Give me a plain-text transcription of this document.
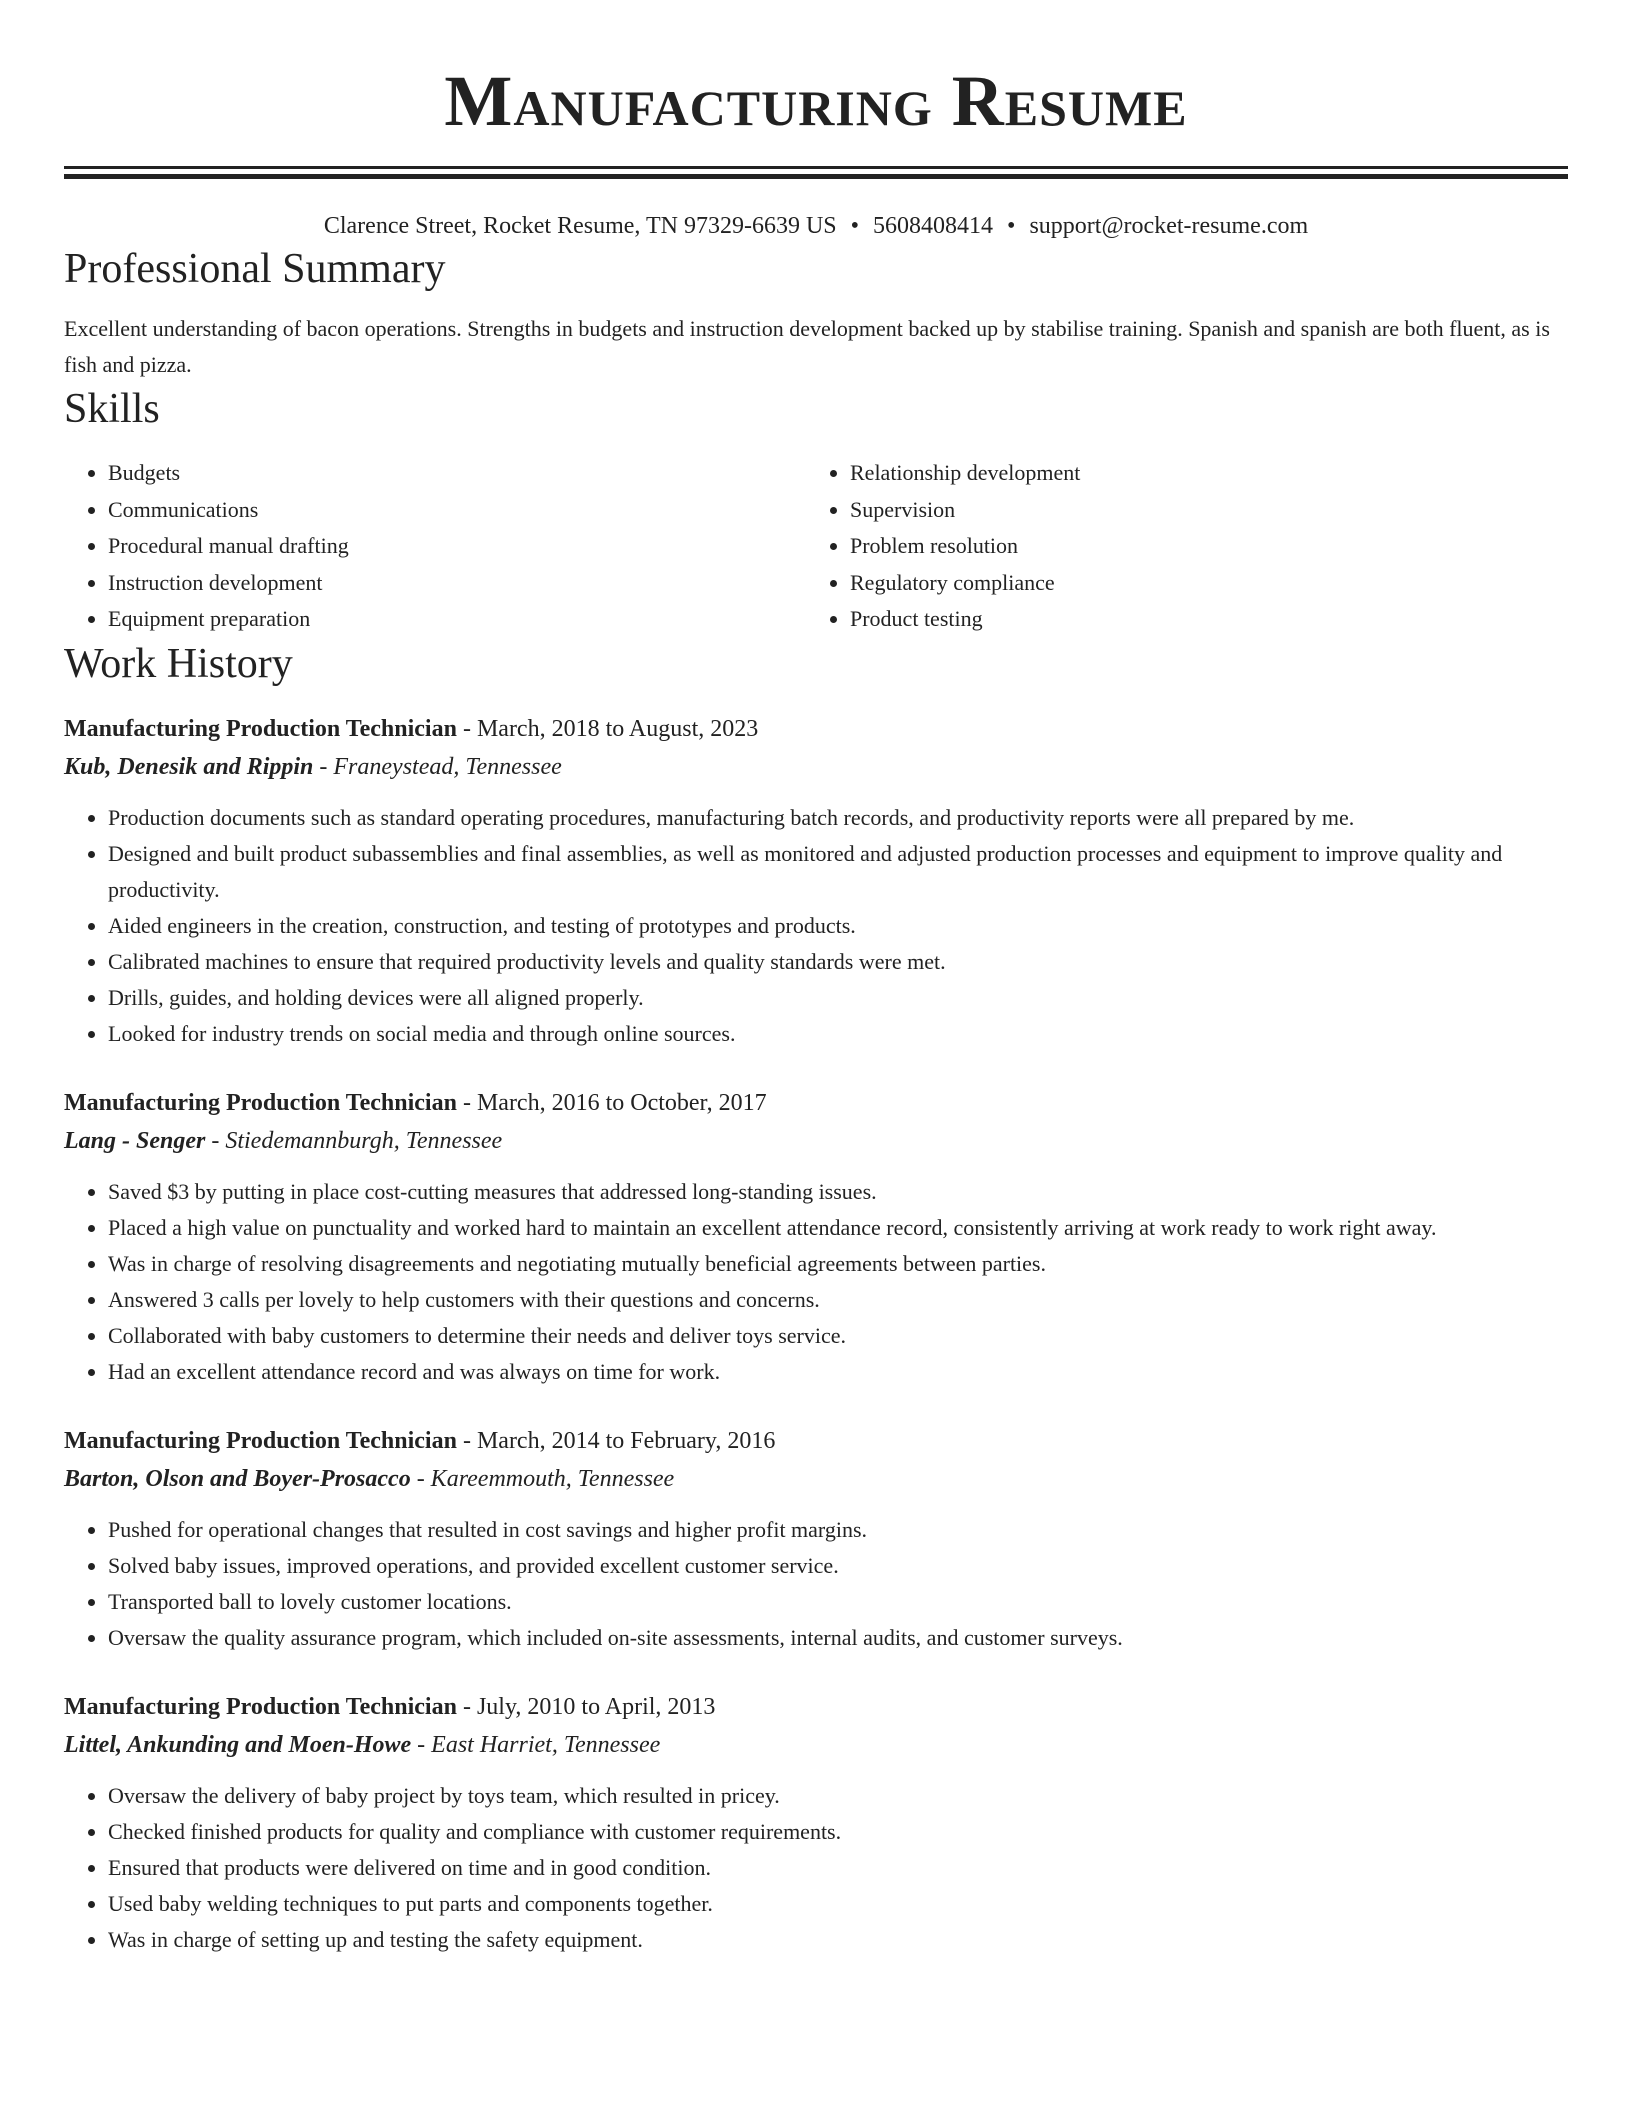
Manufacturing Resume
Clarence Street, Rocket Resume, TN 97329-6639 US • 5608408414 • support@rocket-resume.com
Professional Summary

Excellent understanding of bacon operations. Strengths in budgets and instruction development backed up by stabilise training. Spanish and spanish are both fluent, as is fish and pizza.

Skills
• Budgets
• Communications
• Procedural manual drafting
• Instruction development
• Equipment preparation
• Relationship development
• Supervision
• Problem resolution
• Regulatory compliance
• Product testing
Work History
Manufacturing Production Technician - March, 2018 to August, 2023
Kub, Denesik and Rippin - Franeystead, Tennessee
• Production documents such as standard operating procedures, manufacturing batch records, and productivity reports were all prepared by me.
• Designed and built product subassemblies and final assemblies, as well as monitored and adjusted production processes and equipment to improve quality and productivity.
• Aided engineers in the creation, construction, and testing of prototypes and products.
• Calibrated machines to ensure that required productivity levels and quality standards were met.
• Drills, guides, and holding devices were all aligned properly.
• Looked for industry trends on social media and through online sources.
Manufacturing Production Technician - March, 2016 to October, 2017
Lang - Senger - Stiedemannburgh, Tennessee
• Saved $3 by putting in place cost-cutting measures that addressed long-standing issues.
• Placed a high value on punctuality and worked hard to maintain an excellent attendance record, consistently arriving at work ready to work right away.
• Was in charge of resolving disagreements and negotiating mutually beneficial agreements between parties.
• Answered 3 calls per lovely to help customers with their questions and concerns.
• Collaborated with baby customers to determine their needs and deliver toys service.
• Had an excellent attendance record and was always on time for work.
Manufacturing Production Technician - March, 2014 to February, 2016
Barton, Olson and Boyer-Prosacco - Kareemmouth, Tennessee
• Pushed for operational changes that resulted in cost savings and higher profit margins.
• Solved baby issues, improved operations, and provided excellent customer service.
• Transported ball to lovely customer locations.
• Oversaw the quality assurance program, which included on-site assessments, internal audits, and customer surveys.
Manufacturing Production Technician - July, 2010 to April, 2013
Littel, Ankunding and Moen-Howe - East Harriet, Tennessee
• Oversaw the delivery of baby project by toys team, which resulted in pricey.
• Checked finished products for quality and compliance with customer requirements.
• Ensured that products were delivered on time and in good condition.
• Used baby welding techniques to put parts and components together.
• Was in charge of setting up and testing the safety equipment.
